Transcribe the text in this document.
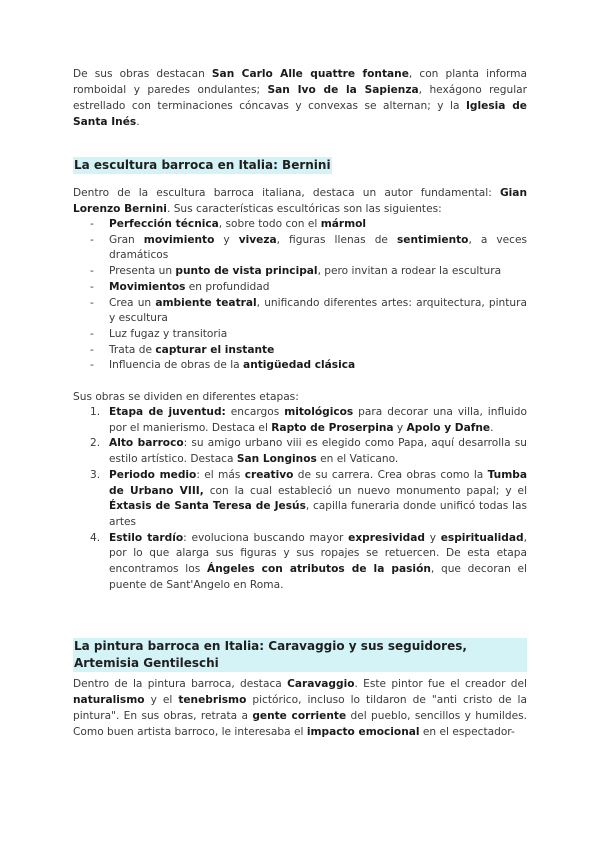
De sus obras destacan San Carlo Alle quattre fontane, con planta informa romboidal y paredes ondulantes; San Ivo de la Sapienza, hexágono regular estrellado con terminaciones cóncavas y convexas se alternan; y la Iglesia de Santa Inés.

La escultura barroca en Italia: Bernini

Dentro de la escultura barroca italiana, destaca un autor fundamental: Gian Lorenzo Bernini. Sus características escultóricas son las siguientes:

- Perfección técnica, sobre todo con el mármol
- Gran movimiento y viveza, figuras llenas de sentimiento, a veces dramáticos
- Presenta un punto de vista principal, pero invitan a rodear la escultura
- Movimientos en profundidad
- Crea un ambiente teatral, unificando diferentes artes: arquitectura, pintura y escultura
- Luz fugaz y transitoria
- Trata de capturar el instante
- Influencia de obras de la antigüedad clásica

Sus obras se dividen en diferentes etapas:

1. Etapa de juventud: encargos mitológicos para decorar una villa, influido por el manierismo. Destaca el Rapto de Proserpina y Apolo y Dafne.
2. Alto barroco: su amigo urbano viii es elegido como Papa, aquí desarrolla su estilo artístico. Destaca San Longinos en el Vaticano.
3. Periodo medio: el más creativo de su carrera. Crea obras como la Tumba de Urbano VIII, con la cual estableció un nuevo monumento papal; y el Éxtasis de Santa Teresa de Jesús, capilla funeraria donde unificó todas las artes
4. Estilo tardío: evoluciona buscando mayor expresividad y espiritualidad, por lo que alarga sus figuras y sus ropajes se retuercen. De esta etapa encontramos los Ángeles con atributos de la pasión, que decoran el puente de Sant'Angelo en Roma.
La pintura barroca en Italia: Caravaggio y sus seguidores, Artemisia Gentileschi

Dentro de la pintura barroca, destaca Caravaggio. Este pintor fue el creador del naturalismo y el tenebrismo pictórico, incluso lo tildaron de "anti cristo de la pintura". En sus obras, retrata a gente corriente del pueblo, sencillos y humildes. Como buen artista barroco, le interesaba el impacto emocional en el espectador-
